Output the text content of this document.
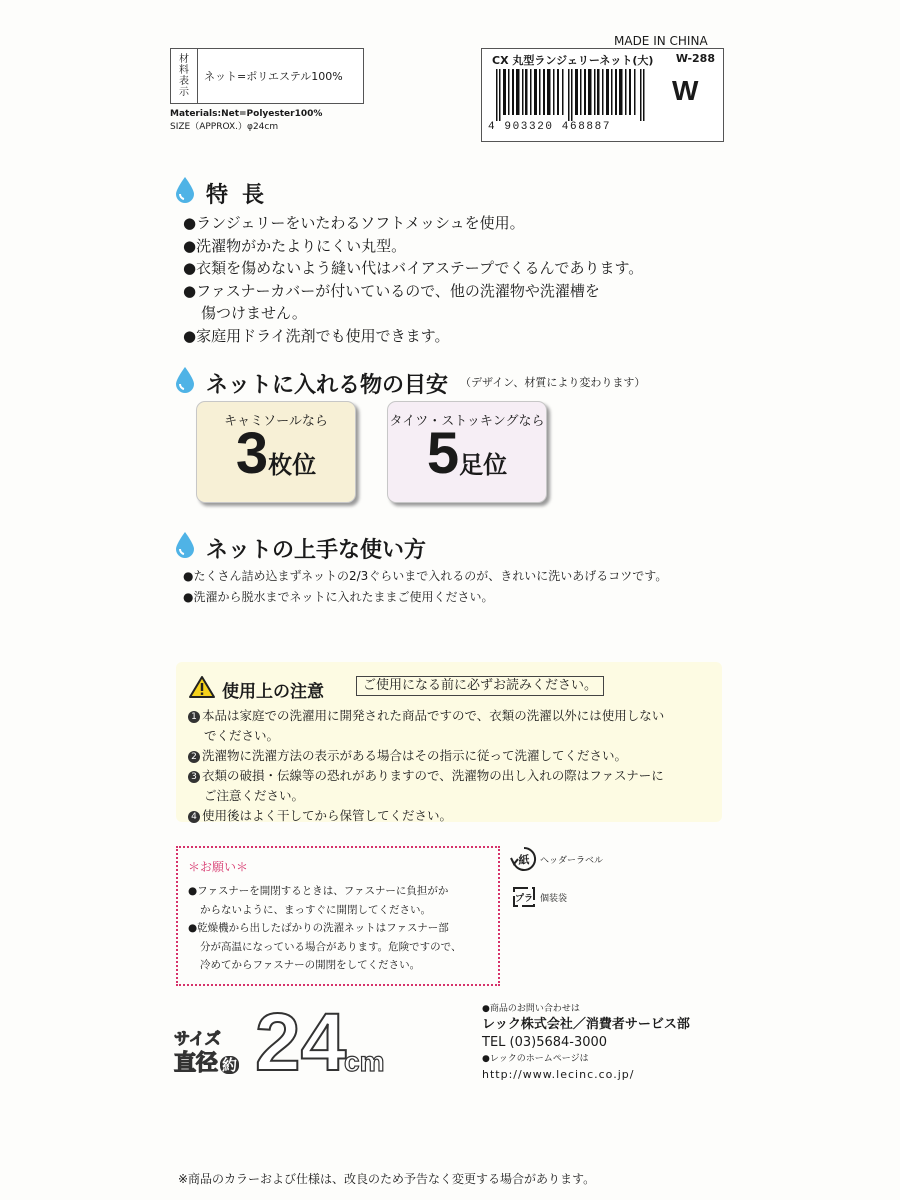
材料表示
ネット=ポリエステル100%
Materials:Net=Polyester100%
SIZE（APPROX.）φ24cm
MADE IN CHINA
CX 丸型ランジェリーネット(大) W-288
W
4 903320 468887
特長
●ランジェリーをいたわるソフトメッシュを使用。
●洗濯物がかたよりにくい丸型。
●衣類を傷めないよう縫い代はバイアステープでくるんであります。
●ファスナーカバーが付いているので、他の洗濯物や洗濯槽を
傷つけません。
●家庭用ドライ洗剤でも使用できます。
ネットに入れる物の目安 （デザイン、材質により変わります）
キャミソールなら
3枚位
タイツ・ストッキングなら
5足位
ネットの上手な使い方
●たくさん詰め込まずネットの2/3ぐらいまで入れるのが、きれいに洗いあげるコツです。
●洗濯から脱水までネットに入れたままご使用ください。
使用上の注意	ご使用になる前に必ずお読みください。
1 本品は家庭での洗濯用に開発された商品ですので、衣類の洗濯以外には使用しない
でください。
2 洗濯物に洗濯方法の表示がある場合はその指示に従って洗濯してください。
3 衣類の破損・伝線等の恐れがありますので、洗濯物の出し入れの際はファスナーに
ご注意ください。
4 使用後はよく干してから保管してください。
＊お願い＊
●ファスナーを開閉するときは、ファスナーに負担がか
からないように、まっすぐに開閉してください。
●乾燥機から出したばかりの洗濯ネットはファスナー部
分が高温になっている場合があります。危険ですので、
冷めてからファスナーの開閉をしてください。
紙 ヘッダーラベル
プラ 個装袋
サイズ
直径 約 24
cm
●商品のお問い合わせは
レック株式会社／消費者サービス部
TEL (03)5684-3000
●レックのホームページは
http://www.lecinc.co.jp/
※商品のカラーおよび仕様は、改良のため予告なく変更する場合があります。
